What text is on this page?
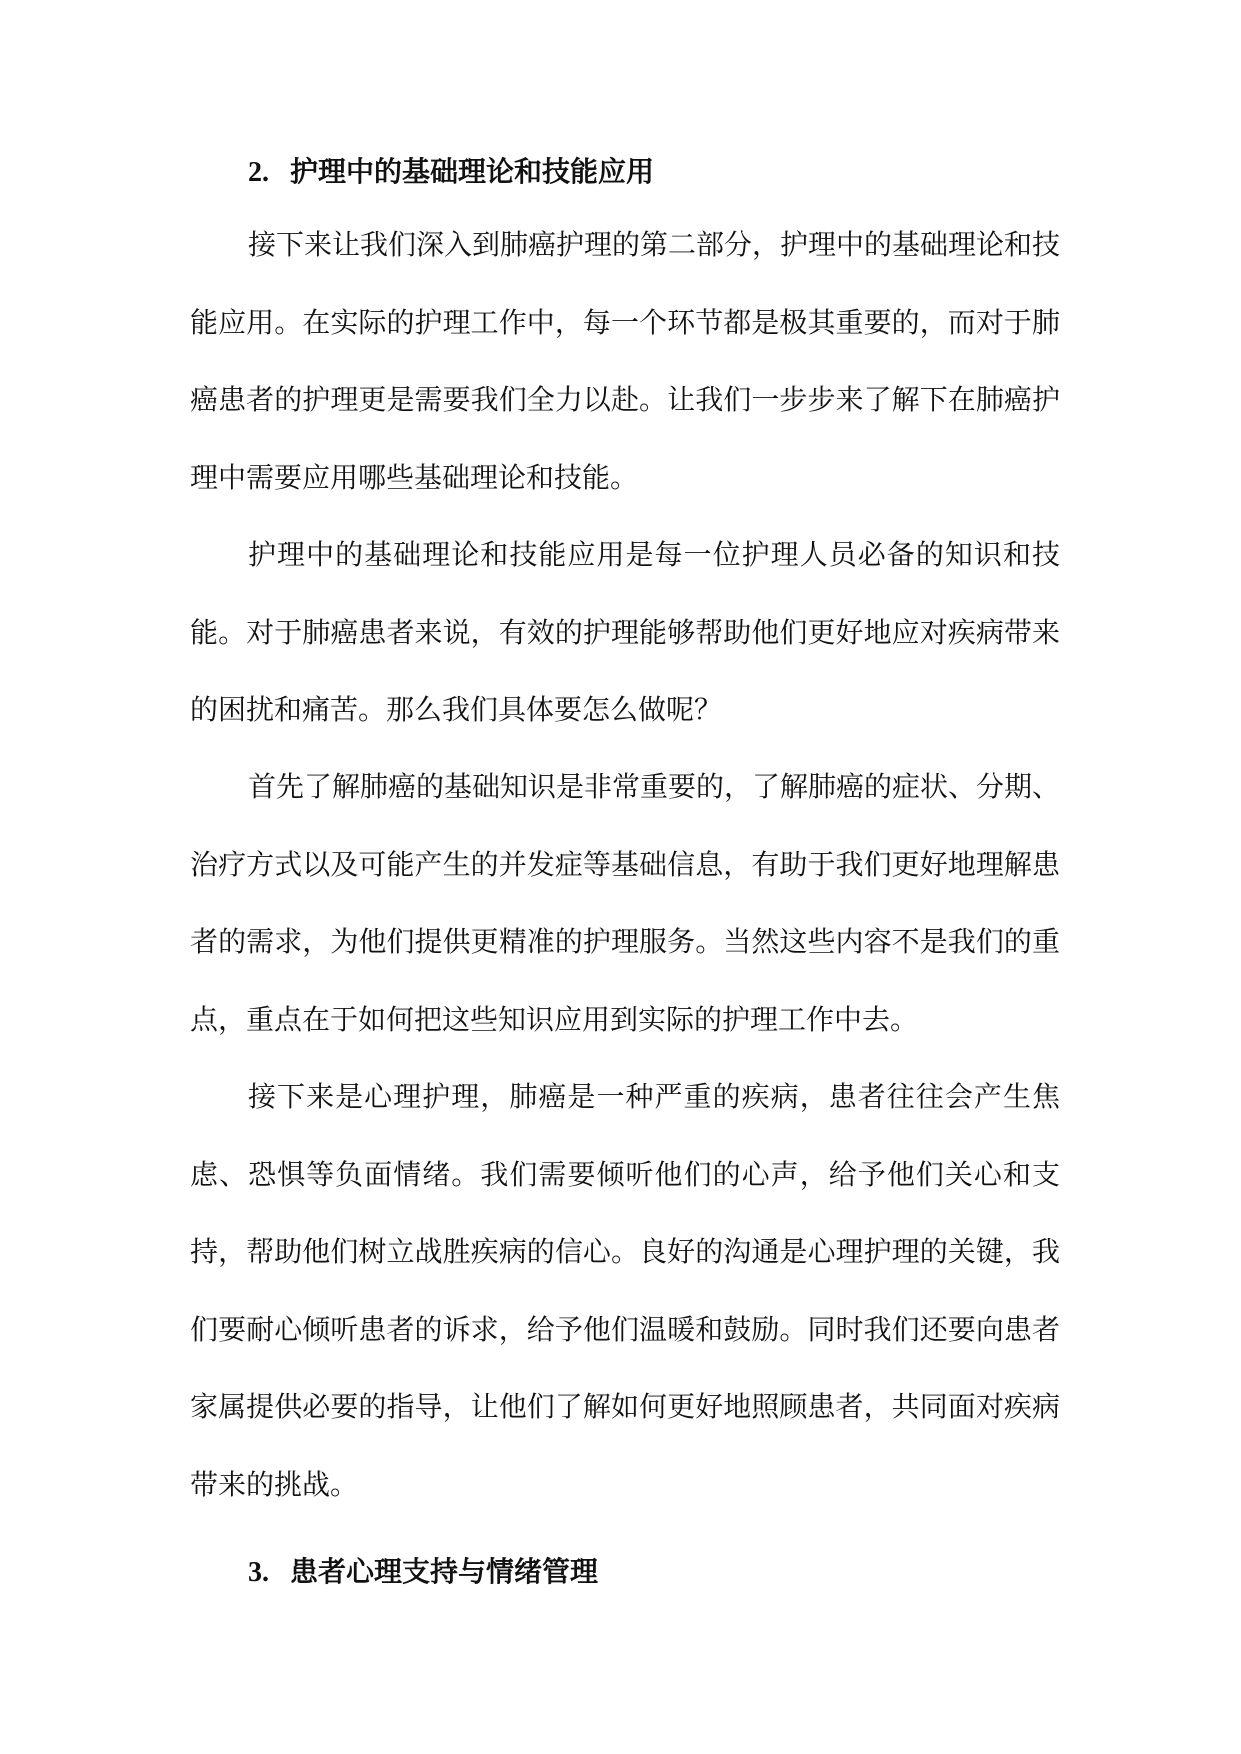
2. 护理中的基础理论和技能应用

接下来让我们深入到肺癌护理的第二部分，护理中的基础理论和技能应用。在实际的护理工作中，每一个环节都是极其重要的，而对于肺癌患者的护理更是需要我们全力以赴。让我们一步步来了解下在肺癌护理中需要应用哪些基础理论和技能。

护理中的基础理论和技能应用是每一位护理人员必备的知识和技能。对于肺癌患者来说，有效的护理能够帮助他们更好地应对疾病带来的困扰和痛苦。那么我们具体要怎么做呢？

首先了解肺癌的基础知识是非常重要的，了解肺癌的症状、分期、治疗方式以及可能产生的并发症等基础信息，有助于我们更好地理解患者的需求，为他们提供更精准的护理服务。当然这些内容不是我们的重点，重点在于如何把这些知识应用到实际的护理工作中去。

接下来是心理护理，肺癌是一种严重的疾病，患者往往会产生焦虑、恐惧等负面情绪。我们需要倾听他们的心声，给予他们关心和支持，帮助他们树立战胜疾病的信心。良好的沟通是心理护理的关键，我们要耐心倾听患者的诉求，给予他们温暖和鼓励。同时我们还要向患者家属提供必要的指导，让他们了解如何更好地照顾患者，共同面对疾病带来的挑战。

3. 患者心理支持与情绪管理
